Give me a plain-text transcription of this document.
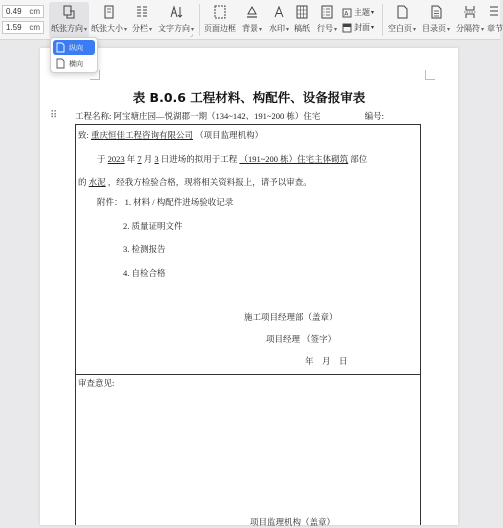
0.49 cm
1.59 cm 纸张方向▾ 纸张大小▾ 分栏▾ 文字方向▾
⌟
页面边框 背景▾ 水印▾ 稿纸 行号▾
A 主题 ▾
封面 ▾ 空白页▾ 目录页▾ 分隔符▾ 章节
纵向
横向
⠿
表 B.0.6 工程材料、构配件、设备报审表
工程名称: 阿宝塘庄园—悦湖郡一期（134~142、191~200 栋）住宅	编号:
致: 重庆恒佳工程咨询有限公司 （项目监理机构）
于 2023 年 7 月 3 日进场的拟用于工程 （191~200 栋）住宅主体砌筑 部位
的 水泥 ，经我方检验合格，现将相关资料报上，请予以审查。
附件： 1. 材料 / 构配件进场验收记录
2. 质量证明文件
3. 检测报告
4. 自检合格
施工项目经理部（盖章）
项目经理 （签字）
年    月    日
审查意见:
项目监理机构（盖章）
